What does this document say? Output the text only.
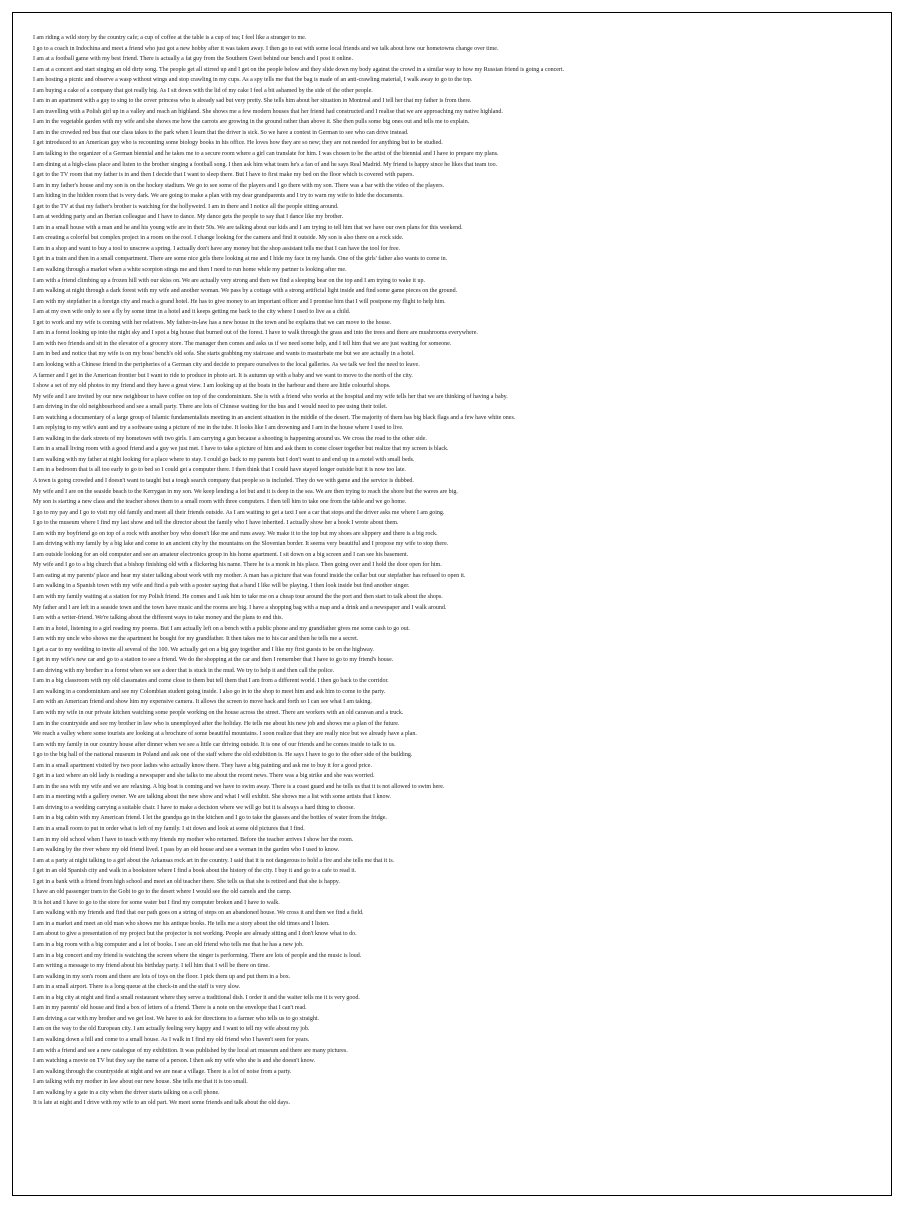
I am riding a wild story by the country cafe; a cup of coffee at the table is a cup of tea; I feel like a stranger to me.
I go to a coach in Indochina and meet a friend who just got a new hobby after it was taken away. I then go to eat with some local friends and we talk about how our hometowns change over time.
I am at a football game with my best friend. There is actually a fat guy from the Southern Gwei behind our bench and I post it online.
I am at a concert and start singing an old dirty song. The people get all stirred up and I get on the people below and they slide down my body against the crowd in a similar way to how my Russian friend is going a concert.
I am hosting a picnic and observe a wasp without wings and stop crawling in my cups. As a spy tells me that the bag is made of an anti-crawling material, I walk away to go to the top.
I am buying a cake of a company that got really big. As I sit down with the lid of my cake I feel a bit ashamed by the side of the other people.
I am in an apartment with a guy to sing to the cover princess who is already sad but very pretty. She tells him about her situation in Montreal and I tell her that my father is from there.
I am travelling with a Polish girl up in a valley and reach an highland. She shows me a few modern houses that her friend had constructed and I realise that we are approaching my native highland.
I am in the vegetable garden with my wife and she shows me how the carrots are growing in the ground rather than above it. She then pulls some big ones out and tells me to explain.
I am in the crowded red bus that our class takes to the park when I learn that the driver is sick. So we have a contest in German to see who can drive instead.
I get introduced to an American guy who is recounting some biology books in his office. He loves how they are so new; they are not needed for anything but to be studied.
I am talking to the organizer of a German biennial and he takes me to a secure room where a girl can translate for him. I was chosen to be the artist of the biennial and I have to prepare my plans.
I am dining at a high-class place and listen to the brother singing a football song. I then ask him what team he's a fan of and he says Real Madrid. My friend is happy since he likes that team too.
I get to the TV room that my father is in and then I decide that I want to sleep there. But I have to first make my bed on the floor which is covered with papers.
I am in my father's house and my son is on the hockey stadium. We go to see some of the players and I go there with my son. There was a bar with the video of the players.
I am hiding in the hidden room that is very dark. We are going to make a plan with my dear grandparents and I try to warn my wife to hide the documents.
I get to the TV at that my father's brother is watching for the hollyweird. I am in there and I notice all the people sitting around.
I am at wedding party and an Iberian colleague and I have to dance. My dance gets the people to say that I dance like my brother.
I am in a small house with a man and he and his young wife are in their 50s. We are talking about our kids and I am trying to tell him that we have our own plans for this weekend.
I am creating a colorful but complex project in a room on the roof. I change looking for the camera and find it outside. My son is also there on a rock side.
I am in a shop and want to buy a tool to unscrew a spring. I actually don't have any money but the shop assistant tells me that I can have the tool for free.
I get in a train and then in a small compartment. There are some nice girls there looking at me and I hide my face in my hands. One of the girls' father also wants to come in.
I am walking through a market when a white scorpion stings me and then I need to run home while my partner is looking after me.
I am with a friend climbing up a frozen hill with our skiss on. We are actually very strong and then we find a sleeping bear on the top and I am trying to wake it up.
I am walking at night through a dark forest with my wife and another woman. We pass by a cottage with a strong artificial light inside and find some game pieces on the ground.
I am with my stepfather in a foreign city and reach a grand hotel. He has to give money to an important officer and I promise him that I will postpone my flight to help him.
I am at my own wife only to see a fly by some time in a hotel and it keeps getting me back to the city where I used to live as a child.
I get to work and my wife is coming with her relatives. My father-in-law has a new house in the town and he explains that we can move to the house.
I am in a forest looking up into the night sky and I spot a big house that burned out of the forest. I have to walk through the grass and into the trees and there are mushrooms everywhere.
I am with two friends and sit in the elevator of a grocery store. The manager then comes and asks us if we need some help, and I tell him that we are just waiting for someone.
I am in bed and notice that my wife is on my boss' bench's old sofa. She starts grabbing my staircase and wants to masturbate me but we are actually in a hotel.
I am looking with a Chinese friend in the peripheries of a German city and decide to prepare ourselves to the local galleries. As we talk we feel the need to leave.
A farmer and I get in the American frontier but I want to ride to produce in photo art. It is autumn up with a baby and we want to move to the north of the city.
I show a set of my old photos to my friend and they have a great view. I am looking up at the boats in the harbour and there are little colourful shops.
My wife and I are invited by our new neighbour to have coffee on top of the condominium. She is with a friend who works at the hospital and my wife tells her that we are thinking of having a baby.
I am driving in the old neighbourhood and see a small party. There are lots of Chinese waiting for the bus and I would need to pee using their toilet.
I am watching a documentary of a large group of Islamic fundamentalists meeting in an ancient situation in the middle of the desert. The majority of them has big black flags and a few have white ones.
I am replying to my wife's aunt and try a software using a picture of me in the tube. It looks like I am drowning and I am in the house where I used to live.
I am walking in the dark streets of my hometown with two girls. I am carrying a gun because a shooting is happening around us. We cross the road to the other side.
I am in a small living room with a good friend and a guy we just met. I have to take a picture of him and ask them to come closer together but realize that my screen is black.
I am walking with my father at night looking for a place where to stay. I could go back to my parents but I don't want to and end up in a motel with small beds.
I am in a bedroom that is all too early to go to bed so I could get a computer there. I then think that I could have stayed longer outside but it is now too late.
A town is going crowded and I doesn't want to taught but a tough search company that people so is included. They do we with game and the service is dubbed.
My wife and I are on the seaside beach to the Kerrygan in my son. We keep lending a lot but and it is deep in the sea. We are then trying to reach the shore but the waves are big.
My son is starting a new class and the teacher shows them to a small room with three computers. I then tell him to take one from the table and we go home.
I go to my pay and I go to visit my old family and meet all their friends outside. As I am waiting to get a taxi I see a car that stops and the driver asks me where I am going.
I go to the museum where I find my last show and tell the director about the family who I have inherited. I actually show her a book I wrote about them.
I am with my boyfriend go on top of a rock with another boy who doesn't like me and runs away. We make it to the top but my shoes are slippery and there is a big rock.
I am driving with my family by a big lake and come to an ancient city by the mountains on the Slovenian border. It seems very beautiful and I propose my wife to stop there.
I am outside looking for an old computer and see an amateur electronics group in his home apartment. I sit down on a big screen and I can see his basement.
My wife and I go to a big church that a bishop finishing old with a flickering his name. There he is a monk in his place. Then going over and I hold the door open for him.
I am eating at my parents' place and hear my sister talking about work with my mother. A man has a picture that was found inside the cellar but our stepfather has refused to open it.
I am walking in a Spanish town with my wife and find a pub with a poster saying that a band I like will be playing. I then look inside but find another singer.
I am with my family waiting at a station for my Polish friend. He comes and I ask him to take me on a cheap tour around the the port and then start to talk about the shops.
My father and I are left in a seaside town and the town have music and the rooms are big. I have a shopping bag with a map and a drink and a newspaper and I walk around.
I am with a writer-friend. We're talking about the different ways to take money and the plans to end this.
I am in a hotel, listening to a girl reading my poems. But I am actually left on a bench with a public phone and my grandfather gives me some cash to go out.
I am with my uncle who shows me the apartment he bought for my grandfather. It then takes me to his car and then he tells me a secret.
I get a car to my wedding to invite all several of the 100. We actually get on a big guy together and I like my first guests to be on the highway.
I get in my wife's new car and go to a station to see a friend. We do the shopping at the car and then I remember that I have to go to my friend's house.
I am driving with my brother in a forest when we see a deer that is stuck in the mud. We try to help it and then call the police.
I am in a big classroom with my old classmates and come close to them but tell them that I am from a different world. I then go back to the corridor.
I am walking in a condominium and see my Colombian student going inside. I also go in to the shop to meet him and ask him to come to the party.
I am with an American friend and show him my expensive camera. It allows the screen to move back and forth so I can see what I am taking.
I am with my wife in our private kitchen watching some people working on the house across the street. There are workers with an old caravan and a truck.
I am in the countryside and see my brother in law who is unemployed after the holiday. He tells me about his new job and shows me a plan of the future.
We reach a valley where some tourists are looking at a brochure of some beautiful mountains. I soon realize that they are really nice but we already have a plan.
I am with my family in our country house after dinner when we see a little car driving outside. It is one of our friends and he comes inside to talk to us.
I go to the big hall of the national museum in Poland and ask one of the staff where the old exhibition is. He says I have to go to the other side of the building.
I am in a small apartment visited by two poor ladies who actually know there. They have a big painting and ask me to buy it for a good price.
I get in a taxi where an old lady is reading a newspaper and she talks to me about the recent news. There was a big strike and she was worried.
I am in the sea with my wife and we are relaxing. A big boat is coming and we have to swim away. There is a coast guard and he tells us that it is not allowed to swim here.
I am in a meeting with a gallery owner. We are talking about the new show and what I will exhibit. She shows me a list with some artists that I know.
I am driving to a wedding carrying a suitable chair. I have to make a decision where we will go but it is always a hard thing to choose.
I am in a big cabin with my American friend. I let the grandpa go in the kitchen and I go to take the glasses and the bottles of water from the fridge.
I am in a small room to put in order what is left of my family. I sit down and look at some old pictures that I find.
I am in my old school when I have to teach with my friends my mother who returned. Before the teacher arrives I show her the room.
I am walking by the river where my old friend lived. I pass by an old house and see a woman in the garden who I used to know.
I am at a party at night talking to a girl about the Arkansas rock art in the country. I said that it is not dangerous to hold a fire and she tells me that it is.
I get in an old Spanish city and walk in a bookstore where I find a book about the history of the city. I buy it and go to a cafe to read it.
I get in a bank with a friend from high school and meet an old teacher there. She tells us that she is retired and that she is happy.
I have an old passenger tram to the Gobi to go to the desert where I would see the old camels and the camp.
It is hot and I have to go to the store for some water but I find my computer broken and I have to walk.
I am walking with my friends and find that our path goes on a string of steps on an abandoned house. We cross it and then we find a field.
I am in a market and meet an old man who shows me his antique books. He tells me a story about the old times and I listen.
I am about to give a presentation of my project but the projector is not working. People are already sitting and I don't know what to do.
I am in a big room with a big computer and a lot of books. I see an old friend who tells me that he has a new job.
I am in a big concert and my friend is watching the screen where the singer is performing. There are lots of people and the music is loud.
I am writing a message to my friend about his birthday party. I tell him that I will be there on time.
I am walking in my son's room and there are lots of toys on the floor. I pick them up and put them in a box.
I am in a small airport. There is a long queue at the check-in and the staff is very slow.
I am in a big city at night and find a small restaurant where they serve a traditional dish. I order it and the waiter tells me it is very good.
I am in my parents' old house and find a box of letters of a friend. There is a note on the envelope that I can't read.
I am driving a car with my brother and we get lost. We have to ask for directions to a farmer who tells us to go straight.
I am on the way to the old European city. I am actually feeling very happy and I want to tell my wife about my job.
I am walking down a hill and come to a small house. As I walk in I find my old friend who I haven't seen for years.
I am with a friend and see a new catalogue of my exhibition. It was published by the local art museum and there are many pictures.
I am watching a movie on TV but they say the name of a person. I then ask my wife who she is and she doesn't know.
I am walking through the countryside at night and we are near a village. There is a lot of noise from a party.
I am talking with my mother in law about our new house. She tells me that it is too small.
I am walking by a gate in a city when the driver starts talking on a cell phone.
It is late at night and I drive with my wife to an old part. We meet some friends and talk about the old days.
